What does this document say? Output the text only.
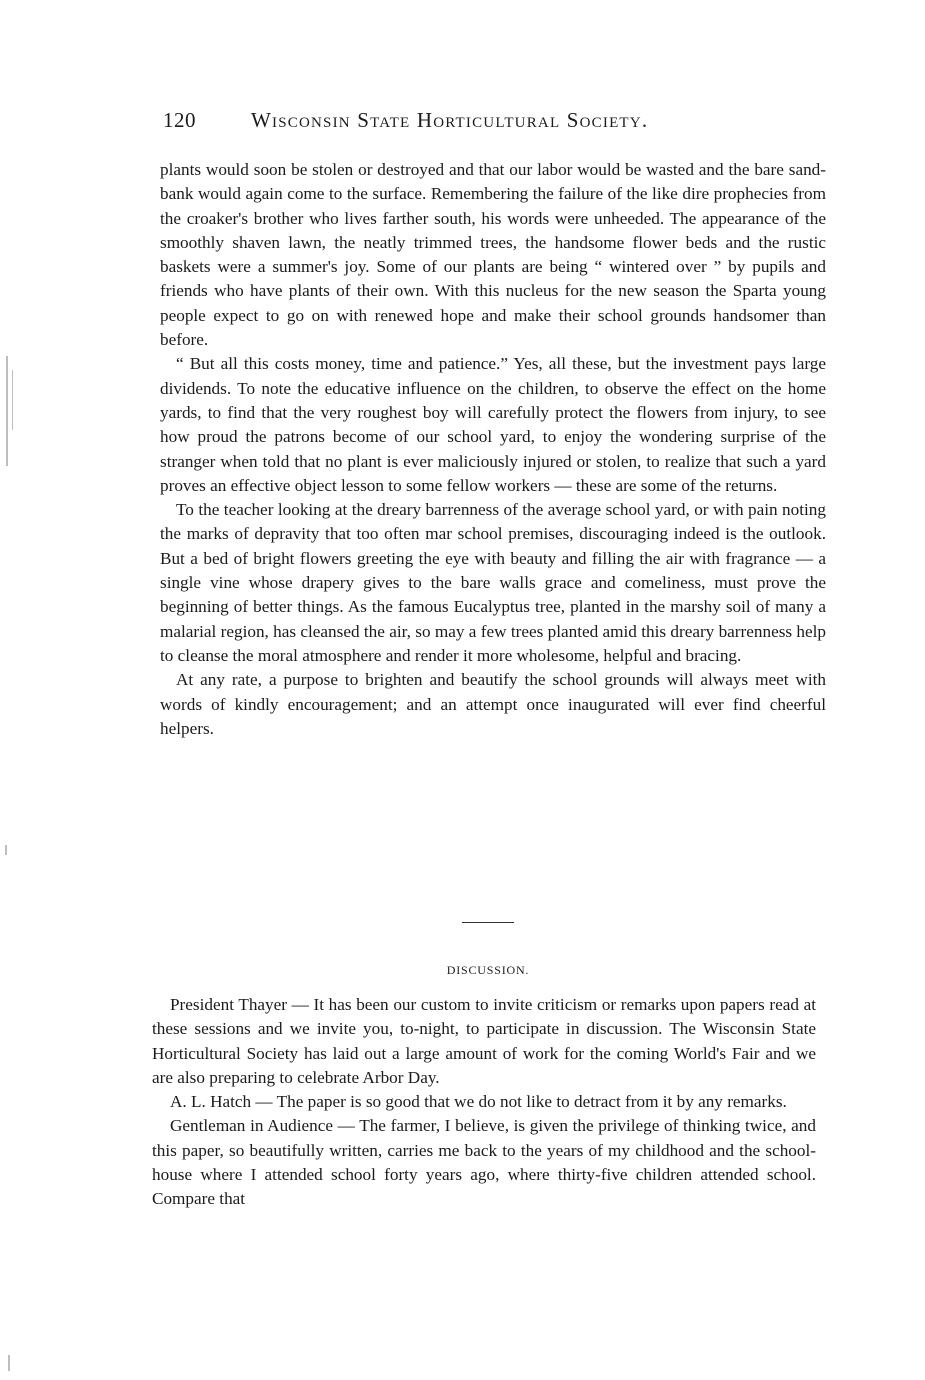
120	Wisconsin State Horticultural Society.

plants would soon be stolen or destroyed and that our labor would be wasted and the bare sand-bank would again come to the surface. Remembering the failure of the like dire prophecies from the croaker's brother who lives farther south, his words were unheeded. The appearance of the smoothly shaven lawn, the neatly trimmed trees, the handsome flower beds and the rustic baskets were a summer's joy. Some of our plants are being “ wintered over ” by pupils and friends who have plants of their own. With this nucleus for the new season the Sparta young people expect to go on with renewed hope and make their school grounds handsomer than before.

“ But all this costs money, time and patience.” Yes, all these, but the investment pays large dividends. To note the educative influence on the children, to observe the effect on the home yards, to find that the very roughest boy will carefully protect the flowers from injury, to see how proud the patrons become of our school yard, to enjoy the wondering surprise of the stranger when told that no plant is ever maliciously injured or stolen, to realize that such a yard proves an effective object lesson to some fellow workers — these are some of the returns.

To the teacher looking at the dreary barrenness of the average school yard, or with pain noting the marks of depravity that too often mar school premises, discouraging indeed is the outlook. But a bed of bright flowers greeting the eye with beauty and filling the air with fragrance — a single vine whose drapery gives to the bare walls grace and comeliness, must prove the beginning of better things. As the famous Eucalyptus tree, planted in the marshy soil of many a malarial region, has cleansed the air, so may a few trees planted amid this dreary barrenness help to cleanse the moral atmosphere and render it more wholesome, helpful and bracing.

At any rate, a purpose to brighten and beautify the school grounds will always meet with words of kindly encouragement; and an attempt once inaugurated will ever find cheerful helpers.

DISCUSSION.

President Thayer — It has been our custom to invite criticism or remarks upon papers read at these sessions and we invite you, to-night, to participate in discussion. The Wisconsin State Horticultural Society has laid out a large amount of work for the coming World's Fair and we are also preparing to celebrate Arbor Day.

A. L. Hatch — The paper is so good that we do not like to detract from it by any remarks.

Gentleman in Audience — The farmer, I believe, is given the privilege of thinking twice, and this paper, so beautifully written, carries me back to the years of my childhood and the school-house where I attended school forty years ago, where thirty-five children attended school. Compare that
